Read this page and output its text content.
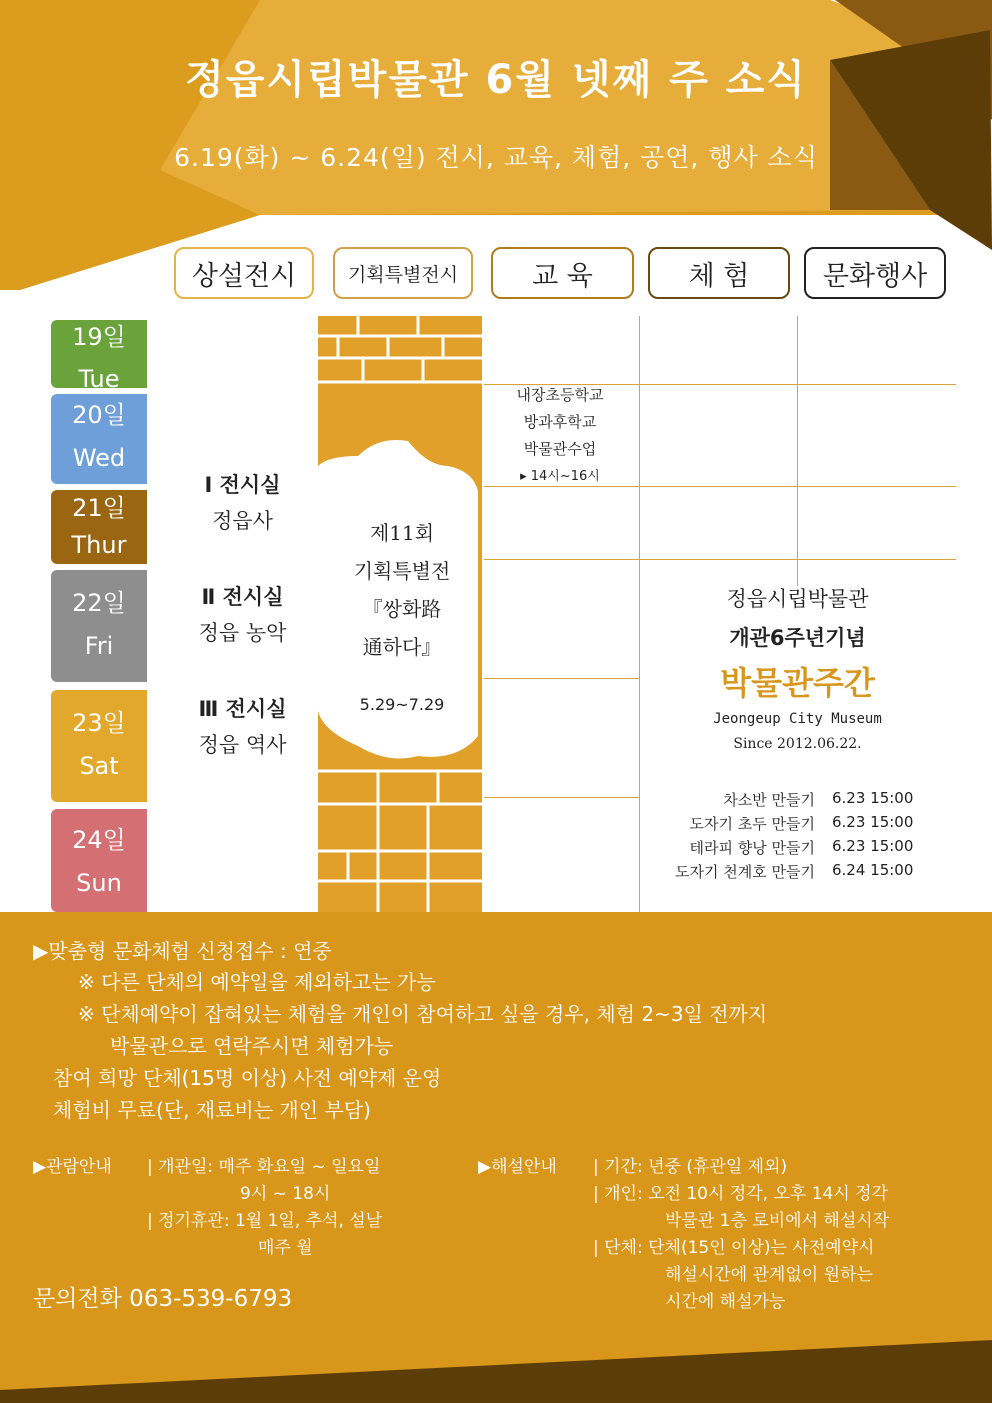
정읍시립박물관 6월 넷째 주 소식
6.19(화) ~ 6.24(일) 전시, 교육, 체험, 공연, 행사 소식
상설전시	기획특별전시	교 육	체 험	문화행사
19일
Tue
20일
Wed
21일
Thur
22일
Fri
23일
Sat
24일
Sun
Ⅰ 전시실
정읍사
Ⅱ 전시실
정읍 농악
Ⅲ 전시실
정읍 역사
제11회
기획특별전
『쌍화路
通하다』
5.29~7.29
내장초등학교
방과후학교
박물관수업
▸ 14시~16시
정읍시립박물관
개관6주년기념
박물관주간
Jeongeup City Museum
Since 2012.06.22.
차소반 만들기 6.23 15:00
도자기 초두 만들기 6.23 15:00
테라피 향낭 만들기 6.23 15:00
도자기 천계호 만들기 6.24 15:00
▶맞춤형 문화체험 신청접수 : 연중
※ 다른 단체의 예약일을 제외하고는 가능
※ 단체예약이 잡혀있는 체험을 개인이 참여하고 싶을 경우, 체험 2~3일 전까지
박물관으로 연락주시면 체험가능
참여 희망 단체(15명 이상) 사전 예약제 운영
체험비 무료(단, 재료비는 개인 부담)
▶관람안내 | 개관일: 매주 화요일 ~ 일요일
9시 ~ 18시
| 정기휴관: 1월 1일, 추석, 설날
매주 월
▶해설안내 | 기간: 년중 (휴관일 제외)
| 개인: 오전 10시 정각, 오후 14시 정각
박물관 1층 로비에서 해설시작
| 단체: 단체(15인 이상)는 사전예약시
해설시간에 관계없이 원하는
시간에 해설가능
문의전화 063-539-6793
